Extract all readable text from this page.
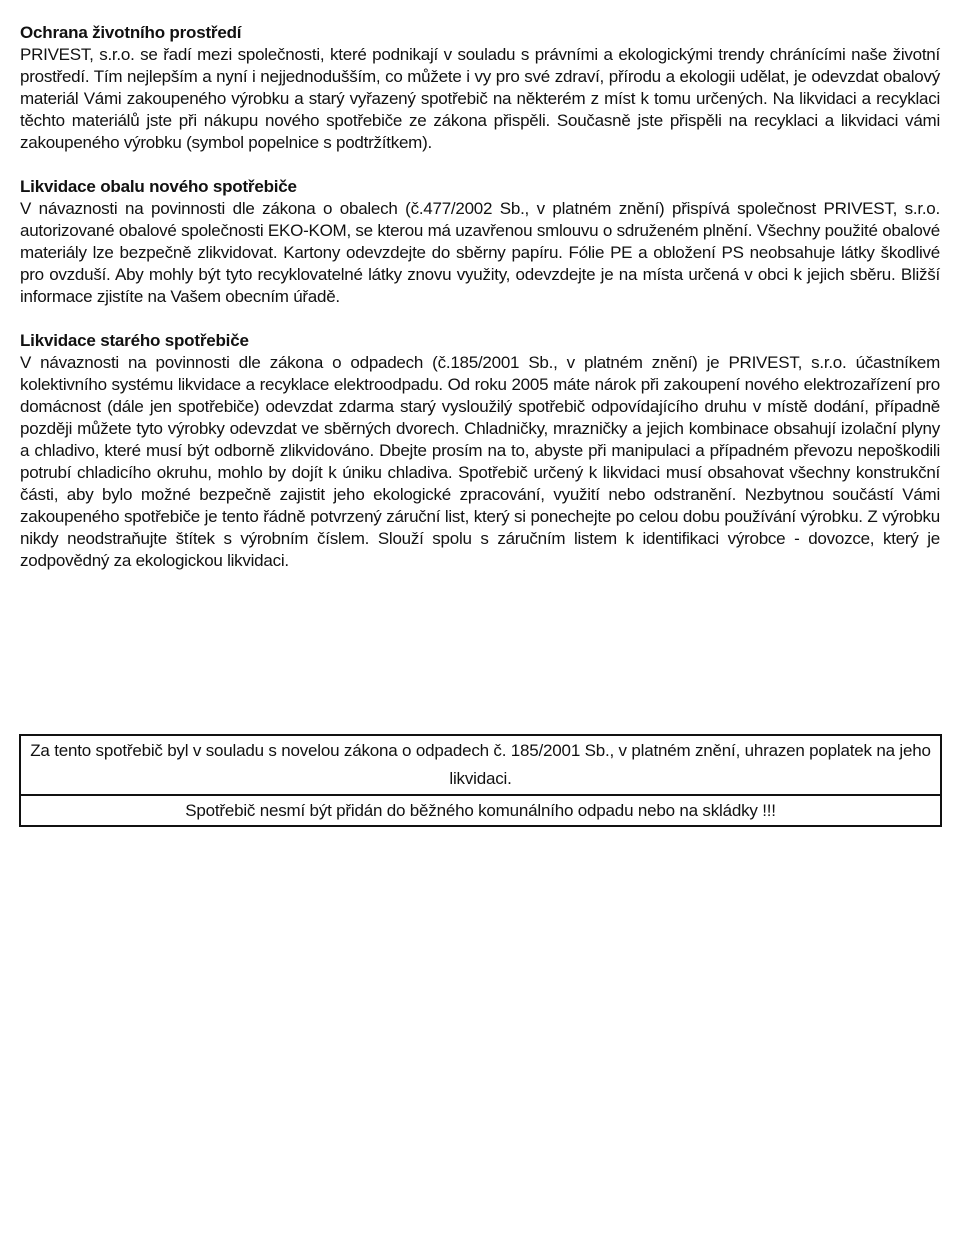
Ochrana životního prostředí

PRIVEST, s.r.o. se řadí mezi společnosti, které podnikají v souladu s právními a ekologickými trendy chránícími naše životní prostředí. Tím nejlepším a nyní i nejjednodušším, co můžete i vy pro své zdraví, přírodu a ekologii udělat, je odevzdat obalový materiál Vámi zakoupeného výrobku a starý vyřazený spotřebič na některém z míst k tomu určených. Na likvidaci a recyklaci těchto materiálů jste při nákupu nového spotřebiče ze zákona přispěli. Současně jste přispěli na recyklaci a likvidaci vámi zakoupeného výrobku (symbol popelnice s podtržítkem).

Likvidace obalu nového spotřebiče

V návaznosti na povinnosti dle zákona o obalech (č.477/2002 Sb., v platném znění) přispívá společnost PRIVEST, s.r.o. autorizované obalové společnosti EKO-KOM, se kterou má uzavřenou smlouvu o sdruženém plnění. Všechny použité obalové materiály lze bezpečně zlikvidovat. Kartony odevzdejte do sběrny papíru. Fólie PE a obložení PS neobsahuje látky škodlivé pro ovzduší. Aby mohly být tyto recyklovatelné látky znovu využity, odevzdejte je na místa určená v obci k jejich sběru. Bližší informace zjistíte na Vašem obecním úřadě.

Likvidace starého spotřebiče

V návaznosti na povinnosti dle zákona o odpadech (č.185/2001 Sb., v platném znění) je PRIVEST, s.r.o. účastníkem kolektivního systému likvidace a recyklace elektroodpadu. Od roku 2005 máte nárok při zakoupení nového elektrozařízení pro domácnost (dále jen spotřebiče) odevzdat zdarma starý vysloužilý spotřebič odpovídajícího druhu v místě dodání, případně později můžete tyto výrobky odevzdat ve sběrných dvorech. Chladničky, mrazničky a jejich kombinace obsahují izolační plyny a chladivo, které musí být odborně zlikvidováno. Dbejte prosím na to, abyste při manipulaci a případném převozu nepoškodili potrubí chladicího okruhu, mohlo by dojít k úniku chladiva. Spotřebič určený k likvidaci musí obsahovat všechny konstrukční části, aby bylo možné bezpečně zajistit jeho ekologické zpracování, využití nebo odstranění. Nezbytnou součástí Vámi zakoupeného spotřebiče je tento řádně potvrzený záruční list, který si ponechejte po celou dobu používání výrobku. Z výrobku nikdy neodstraňujte štítek s výrobním číslem. Slouží spolu s záručním listem k identifikaci výrobce - dovozce, který je zodpovědný za ekologickou likvidaci.

Za tento spotřebič byl v souladu s novelou zákona o odpadech č. 185/2001 Sb., v platném znění, uhrazen poplatek na jeho likvidaci.
Spotřebič nesmí být přidán do běžného komunálního odpadu nebo na skládky !!!
